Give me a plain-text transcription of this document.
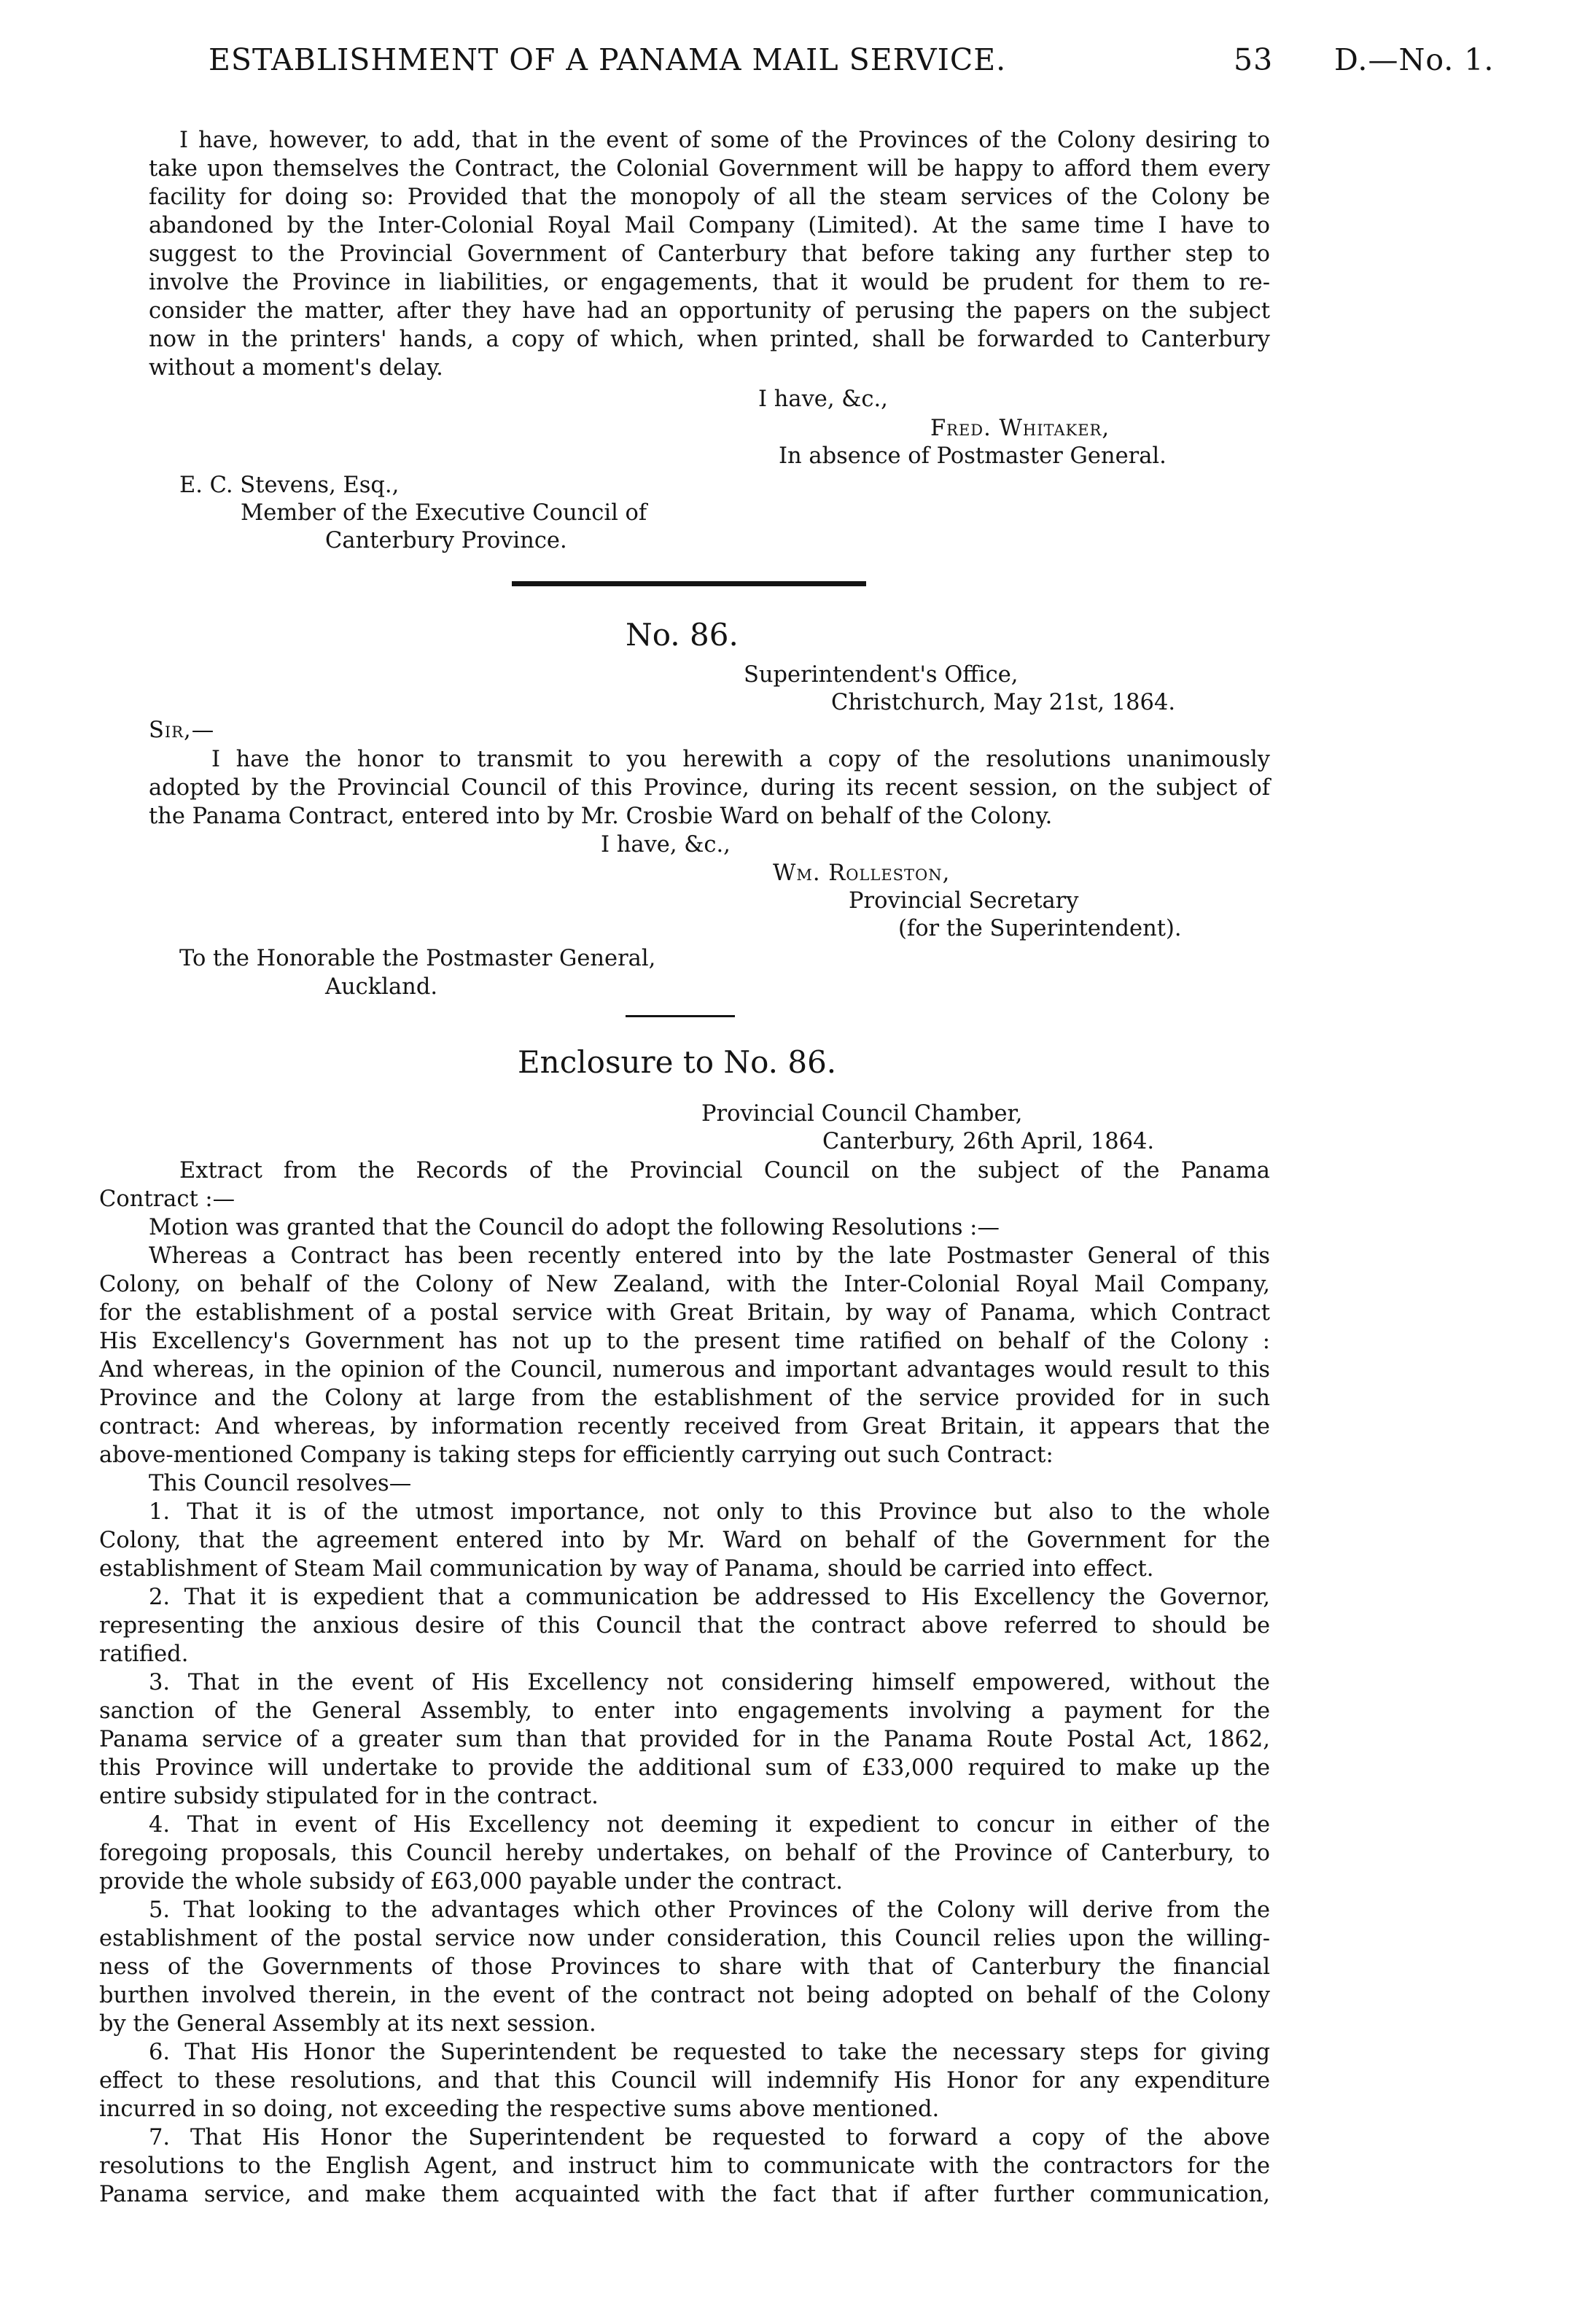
ESTABLISHMENT OF A PANAMA MAIL SERVICE.	53 D.—No. 1.
I have, however, to add, that in the event of some of the Provinces of the Colony desiring to
take upon themselves the Contract, the Colonial Government will be happy to afford them every
facility for doing so: Provided that the monopoly of all the steam services of the Colony be
abandoned by the Inter-Colonial Royal Mail Company (Limited). At the same time I have to
suggest to the Provincial Government of Canterbury that before taking any further step to
involve the Province in liabilities, or engagements, that it would be prudent for them to re-
consider the matter, after they have had an opportunity of perusing the papers on the subject
now in the printers' hands, a copy of which, when printed, shall be forwarded to Canterbury
without a moment's delay.
I have, &c.,
Fred. Whitaker,
In absence of Postmaster General.
E. C. Stevens, Esq.,
Member of the Executive Council of
Canterbury Province.
No. 86.
Superintendent's Office,
Christchurch, May 21st, 1864.
Sir,—
I have the honor to transmit to you herewith a copy of the resolutions unanimously
adopted by the Provincial Council of this Province, during its recent session, on the subject of
the Panama Contract, entered into by Mr. Crosbie Ward on behalf of the Colony.
I have, &c.,
Wm. Rolleston,
Provincial Secretary
(for the Superintendent).
To the Honorable the Postmaster General,
Auckland.
Enclosure to No. 86.
Provincial Council Chamber,
Canterbury, 26th April, 1864.
Extract from the Records of the Provincial Council on the subject of the Panama
Contract :—
Motion was granted that the Council do adopt the following Resolutions :—
Whereas a Contract has been recently entered into by the late Postmaster General of this
Colony, on behalf of the Colony of New Zealand, with the Inter-Colonial Royal Mail Company,
for the establishment of a postal service with Great Britain, by way of Panama, which Contract
His Excellency's Government has not up to the present time ratified on behalf of the Colony :
And whereas, in the opinion of the Council, numerous and important advantages would result to this
Province and the Colony at large from the establishment of the service provided for in such
contract: And whereas, by information recently received from Great Britain, it appears that the
above-mentioned Company is taking steps for efficiently carrying out such Contract:
This Council resolves—
1. That it is of the utmost importance, not only to this Province but also to the whole
Colony, that the agreement entered into by Mr. Ward on behalf of the Government for the
establishment of Steam Mail communication by way of Panama, should be carried into effect.
2. That it is expedient that a communication be addressed to His Excellency the Governor,
representing the anxious desire of this Council that the contract above referred to should be
ratified.
3. That in the event of His Excellency not considering himself empowered, without the
sanction of the General Assembly, to enter into engagements involving a payment for the
Panama service of a greater sum than that provided for in the Panama Route Postal Act, 1862,
this Province will undertake to provide the additional sum of £33,000 required to make up the
entire subsidy stipulated for in the contract.
4. That in event of His Excellency not deeming it expedient to concur in either of the
foregoing proposals, this Council hereby undertakes, on behalf of the Province of Canterbury, to
provide the whole subsidy of £63,000 payable under the contract.
5. That looking to the advantages which other Provinces of the Colony will derive from the
establishment of the postal service now under consideration, this Council relies upon the willing-
ness of the Governments of those Provinces to share with that of Canterbury the financial
burthen involved therein, in the event of the contract not being adopted on behalf of the Colony
by the General Assembly at its next session.
6. That His Honor the Superintendent be requested to take the necessary steps for giving
effect to these resolutions, and that this Council will indemnify His Honor for any expenditure
incurred in so doing, not exceeding the respective sums above mentioned.
7. That His Honor the Superintendent be requested to forward a copy of the above
resolutions to the English Agent, and instruct him to communicate with the contractors for the
Panama service, and make them acquainted with the fact that if after further communication,
